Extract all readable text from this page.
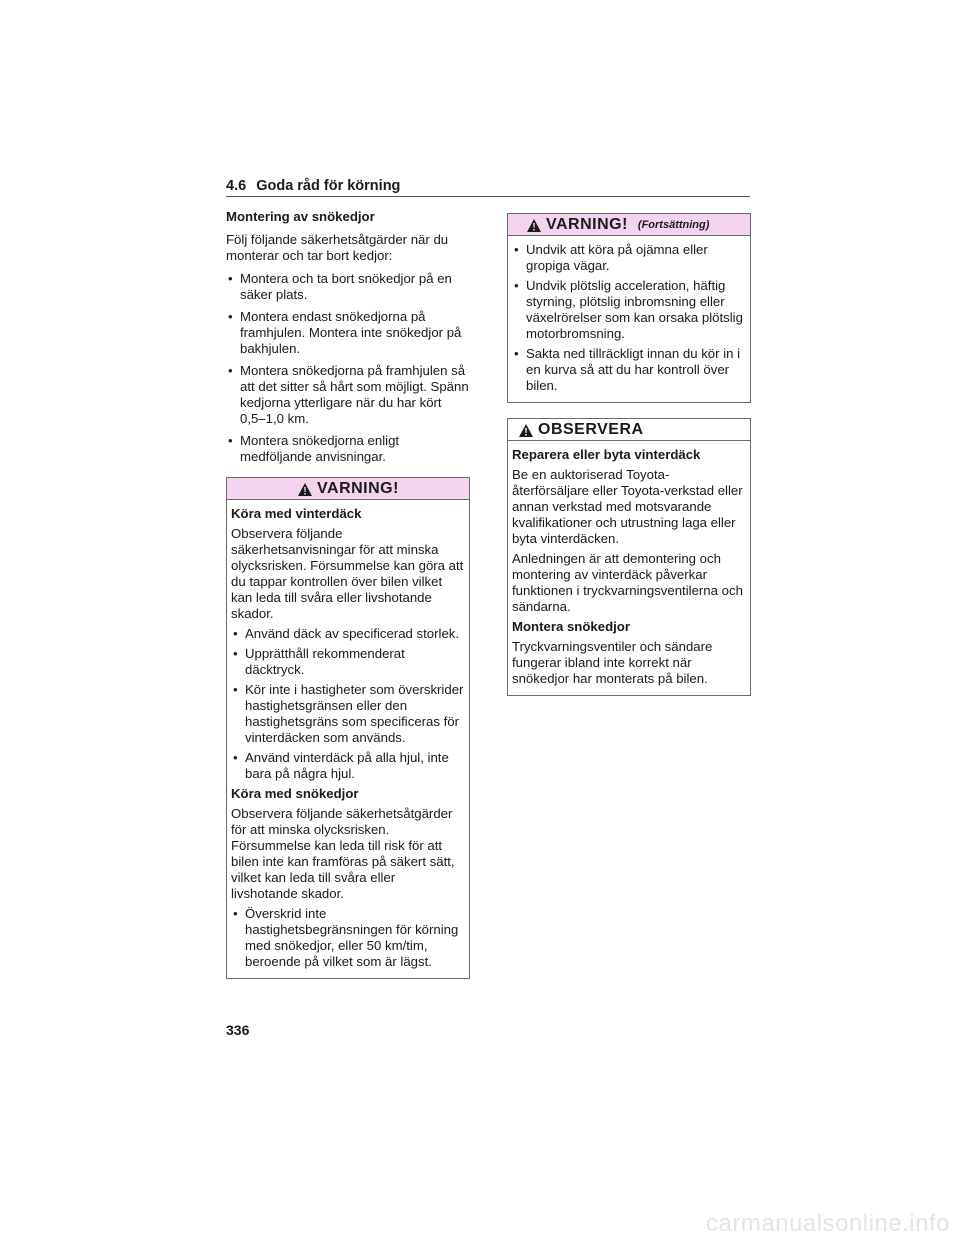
4.6 Goda råd för körning
Montering av snökedjor

Följ följande säkerhetsåtgärder när du monterar och tar bort kedjor:

• Montera och ta bort snökedjor på en säker plats.
• Montera endast snökedjorna på framhjulen. Montera inte snökedjor på bakhjulen.
• Montera snökedjorna på framhjulen så att det sitter så hårt som möjligt. Spänn kedjorna ytterligare när du har kört 0,5–1,0 km.
• Montera snökedjorna enligt medföljande anvisningar.
VARNING!
Köra med vinterdäck

Observera följande säkerhetsanvisningar för att minska olycksrisken. Försummelse kan göra att du tappar kontrollen över bilen vilket kan leda till svåra eller livshotande skador.

• Använd däck av specificerad storlek.
• Upprätthåll rekommenderat däcktryck.
• Kör inte i hastigheter som överskrider hastighetsgränsen eller den hastighetsgräns som specificeras för vinterdäcken som används.
• Använd vinterdäck på alla hjul, inte bara på några hjul.
Köra med snökedjor

Observera följande säkerhetsåtgärder för att minska olycksrisken. Försummelse kan leda till risk för att bilen inte kan framföras på säkert sätt, vilket kan leda till svåra eller livshotande skador.

• Överskrid inte hastighetsbegränsningen för körning med snökedjor, eller 50 km/tim, beroende på vilket som är lägst.
VARNING! (Fortsättning)
• Undvik att köra på ojämna eller gropiga vägar.
• Undvik plötslig acceleration, häftig styrning, plötslig inbromsning eller växelrörelser som kan orsaka plötslig motorbromsning.
• Sakta ned tillräckligt innan du kör in i en kurva så att du har kontroll över bilen.
OBSERVERA
Reparera eller byta vinterdäck

Be en auktoriserad Toyota-återförsäljare eller Toyota-verkstad eller annan verkstad med motsvarande kvalifikationer och utrustning laga eller byta vinterdäcken.

Anledningen är att demontering och montering av vinterdäck påverkar funktionen i tryckvarningsventilerna och sändarna.

Montera snökedjor

Tryckvarningsventiler och sändare fungerar ibland inte korrekt när snökedjor har monterats på bilen.

336
carmanualsonline.info
